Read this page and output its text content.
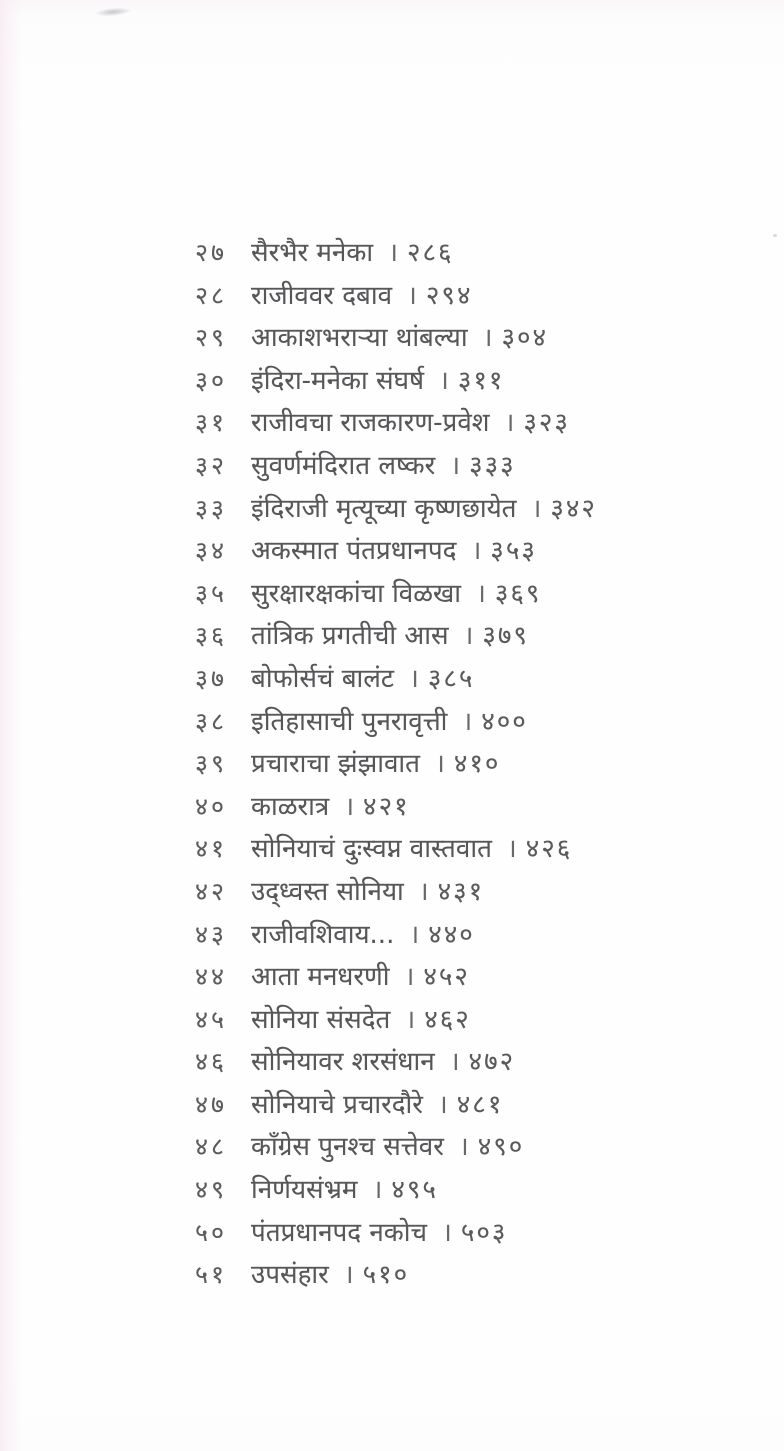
२७ सैरभैर मनेका । २८६
२८ राजीववर दबाव । २९४
२९ आकाशभराऱ्या थांबल्या । ३०४
३० इंदिरा-मनेका संघर्ष । ३११
३१ राजीवचा राजकारण-प्रवेश । ३२३
३२ सुवर्णमंदिरात लष्कर । ३३३
३३ इंदिराजी मृत्यूच्या कृष्णछायेत । ३४२
३४ अकस्मात पंतप्रधानपद । ३५३
३५ सुरक्षारक्षकांचा विळखा । ३६९
३६ तांत्रिक प्रगतीची आस । ३७९
३७ बोफोर्सचं बालंट । ३८५
३८ इतिहासाची पुनरावृत्ती । ४००
३९ प्रचाराचा झंझावात । ४१०
४० काळरात्र । ४२१
४१ सोनियाचं दुःस्वप्न वास्तवात । ४२६
४२ उद्ध्वस्त सोनिया । ४३१
४३ राजीवशिवाय... । ४४०
४४ आता मनधरणी । ४५२
४५ सोनिया संसदेत । ४६२
४६ सोनियावर शरसंधान । ४७२
४७ सोनियाचे प्रचारदौरे । ४८१
४८ काँग्रेस पुनश्च सत्तेवर । ४९०
४९ निर्णयसंभ्रम । ४९५
५० पंतप्रधानपद नकोच । ५०३
५१ उपसंहार । ५१०
